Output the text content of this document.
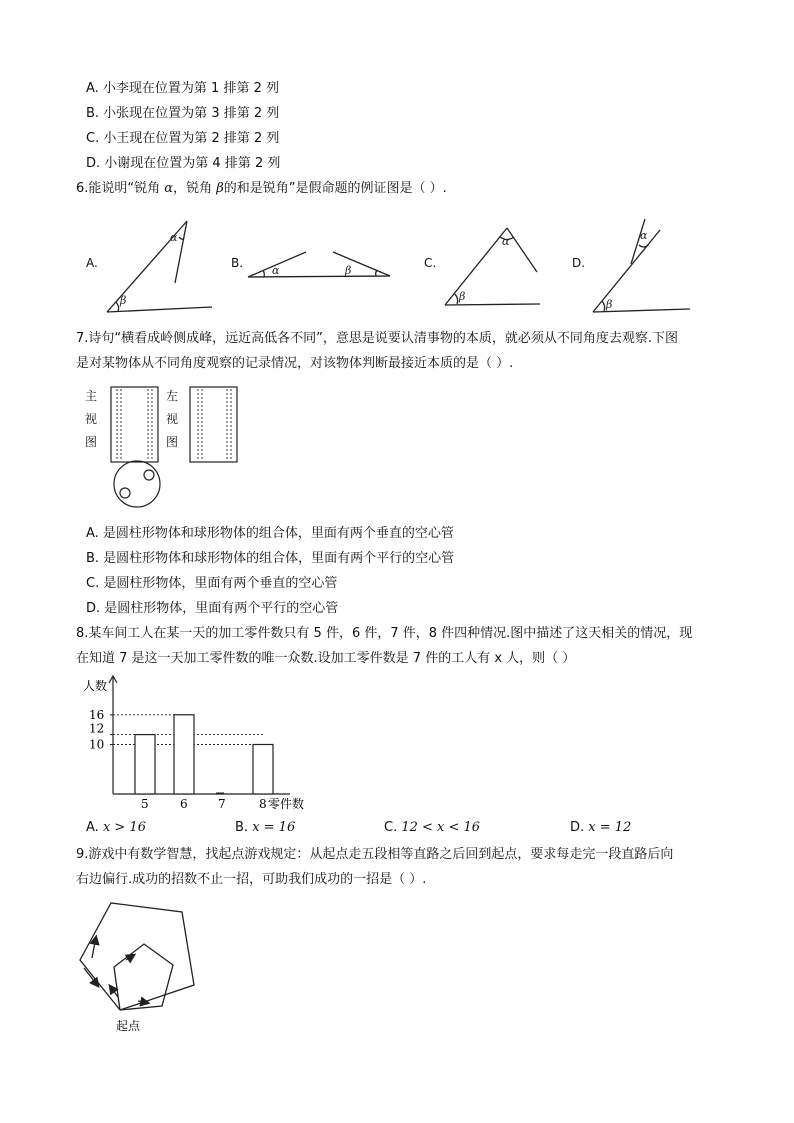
A. 小李现在位置为第 1 排第 2 列
B. 小张现在位置为第 3 排第 2 列
C. 小王现在位置为第 2 排第 2 列
D. 小谢现在位置为第 4 排第 2 列
6.能说明“锐角 α，锐角 β的和是锐角”是假命题的例证图是（ ）.
A.	B.	C.	D.
α
β
α	β
α
β
α
β
7.诗句“横看成岭侧成峰，远近高低各不同”，意思是说要认清事物的本质，就必须从不同角度去观察.下图
是对某物体从不同角度观察的记录情况，对该物体判断最接近本质的是（ ）.
主
视
图
左
视
图
A. 是圆柱形物体和球形物体的组合体，里面有两个垂直的空心管
B. 是圆柱形物体和球形物体的组合体，里面有两个平行的空心管
C. 是圆柱形物体，里面有两个垂直的空心管
D. 是圆柱形物体，里面有两个平行的空心管
8.某车间工人在某一天的加工零件数只有 5 件，6 件，7 件，8 件四种情况.图中描述了这天相关的情况，现
在知道 7 是这一天加工零件数的唯一众数.设加工零件数是 7 件的工人有 x 人，则（ ）
10
12
16
5	6	7	8
人数
零件数
A. x > 16	B. x = 16	C. 12 < x < 16	D. x = 12
9.游戏中有数学智慧，找起点游戏规定：从起点走五段相等直路之后回到起点，要求每走完一段直路后向
右边偏行.成功的招数不止一招，可助我们成功的一招是（ ）.
起点
